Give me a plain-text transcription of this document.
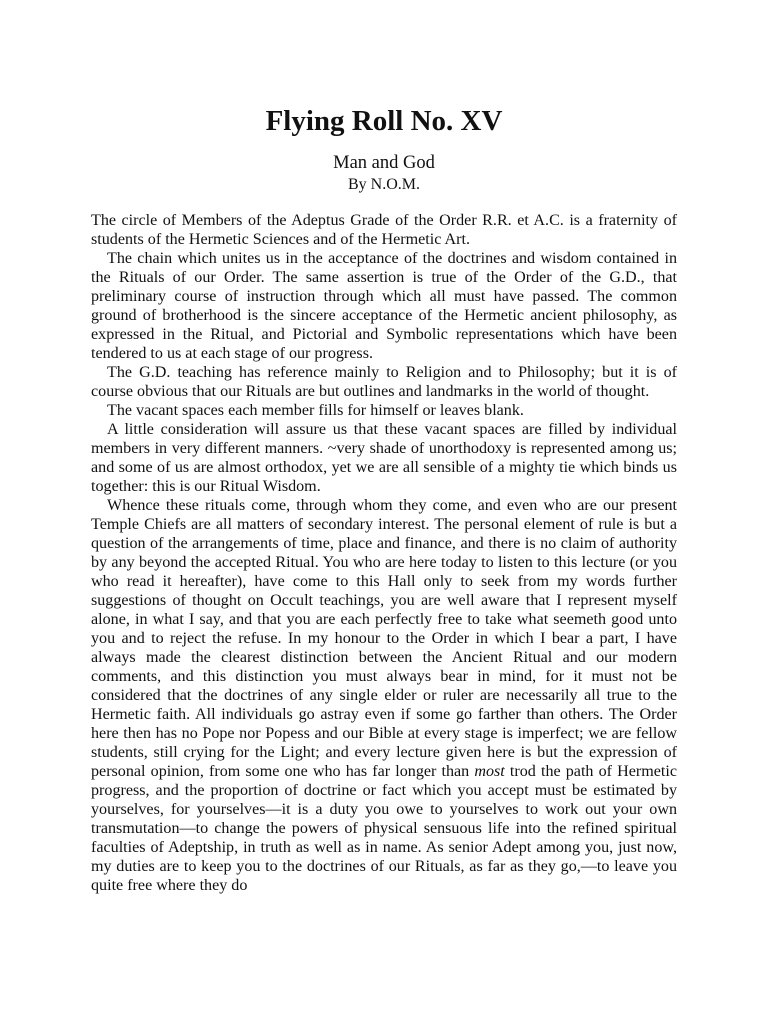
Flying Roll No. XV
Man and God
By N.O.M.

The circle of Members of the Adeptus Grade of the Order R.R. et A.C. is a fraternity of students of the Hermetic Sciences and of the Hermetic Art.

The chain which unites us in the acceptance of the doctrines and wisdom contained in the Rituals of our Order. The same assertion is true of the Order of the G.D., that preliminary course of instruction through which all must have passed. The common ground of brotherhood is the sincere acceptance of the Hermetic ancient philosophy, as expressed in the Ritual, and Pictorial and Symbolic representations which have been tendered to us at each stage of our progress.

The G.D. teaching has reference mainly to Religion and to Philosophy; but it is of course obvious that our Rituals are but outlines and landmarks in the world of thought.

The vacant spaces each member fills for himself or leaves blank.

A little consideration will assure us that these vacant spaces are filled by individual members in very different manners. ~very shade of unorthodoxy is represented among us; and some of us are almost orthodox, yet we are all sensible of a mighty tie which binds us together: this is our Ritual Wisdom.

Whence these rituals come, through whom they come, and even who are our present Temple Chiefs are all matters of secondary interest. The personal element of rule is but a question of the arrangements of time, place and finance, and there is no claim of authority by any beyond the accepted Ritual. You who are here today to listen to this lecture (or you who read it hereafter), have come to this Hall only to seek from my words further suggestions of thought on Occult teachings, you are well aware that I represent myself alone, in what I say, and that you are each perfectly free to take what seemeth good unto you and to reject the refuse. In my honour to the Order in which I bear a part, I have always made the clearest distinction between the Ancient Ritual and our modern comments, and this distinction you must always bear in mind, for it must not be considered that the doctrines of any single elder or ruler are necessarily all true to the Hermetic faith. All individuals go astray even if some go farther than others. The Order here then has no Pope nor Popess and our Bible at every stage is imperfect; we are fellow students, still crying for the Light; and every lecture given here is but the expression of personal opinion, from some one who has far longer than most trod the path of Hermetic progress, and the proportion of doctrine or fact which you accept must be estimated by yourselves, for yourselves—it is a duty you owe to yourselves to work out your own transmutation—to change the powers of physical sensuous life into the refined spiritual faculties of Adeptship, in truth as well as in name. As senior Adept among you, just now, my duties are to keep you to the doctrines of our Rituals, as far as they go,—to leave you quite free where they do
